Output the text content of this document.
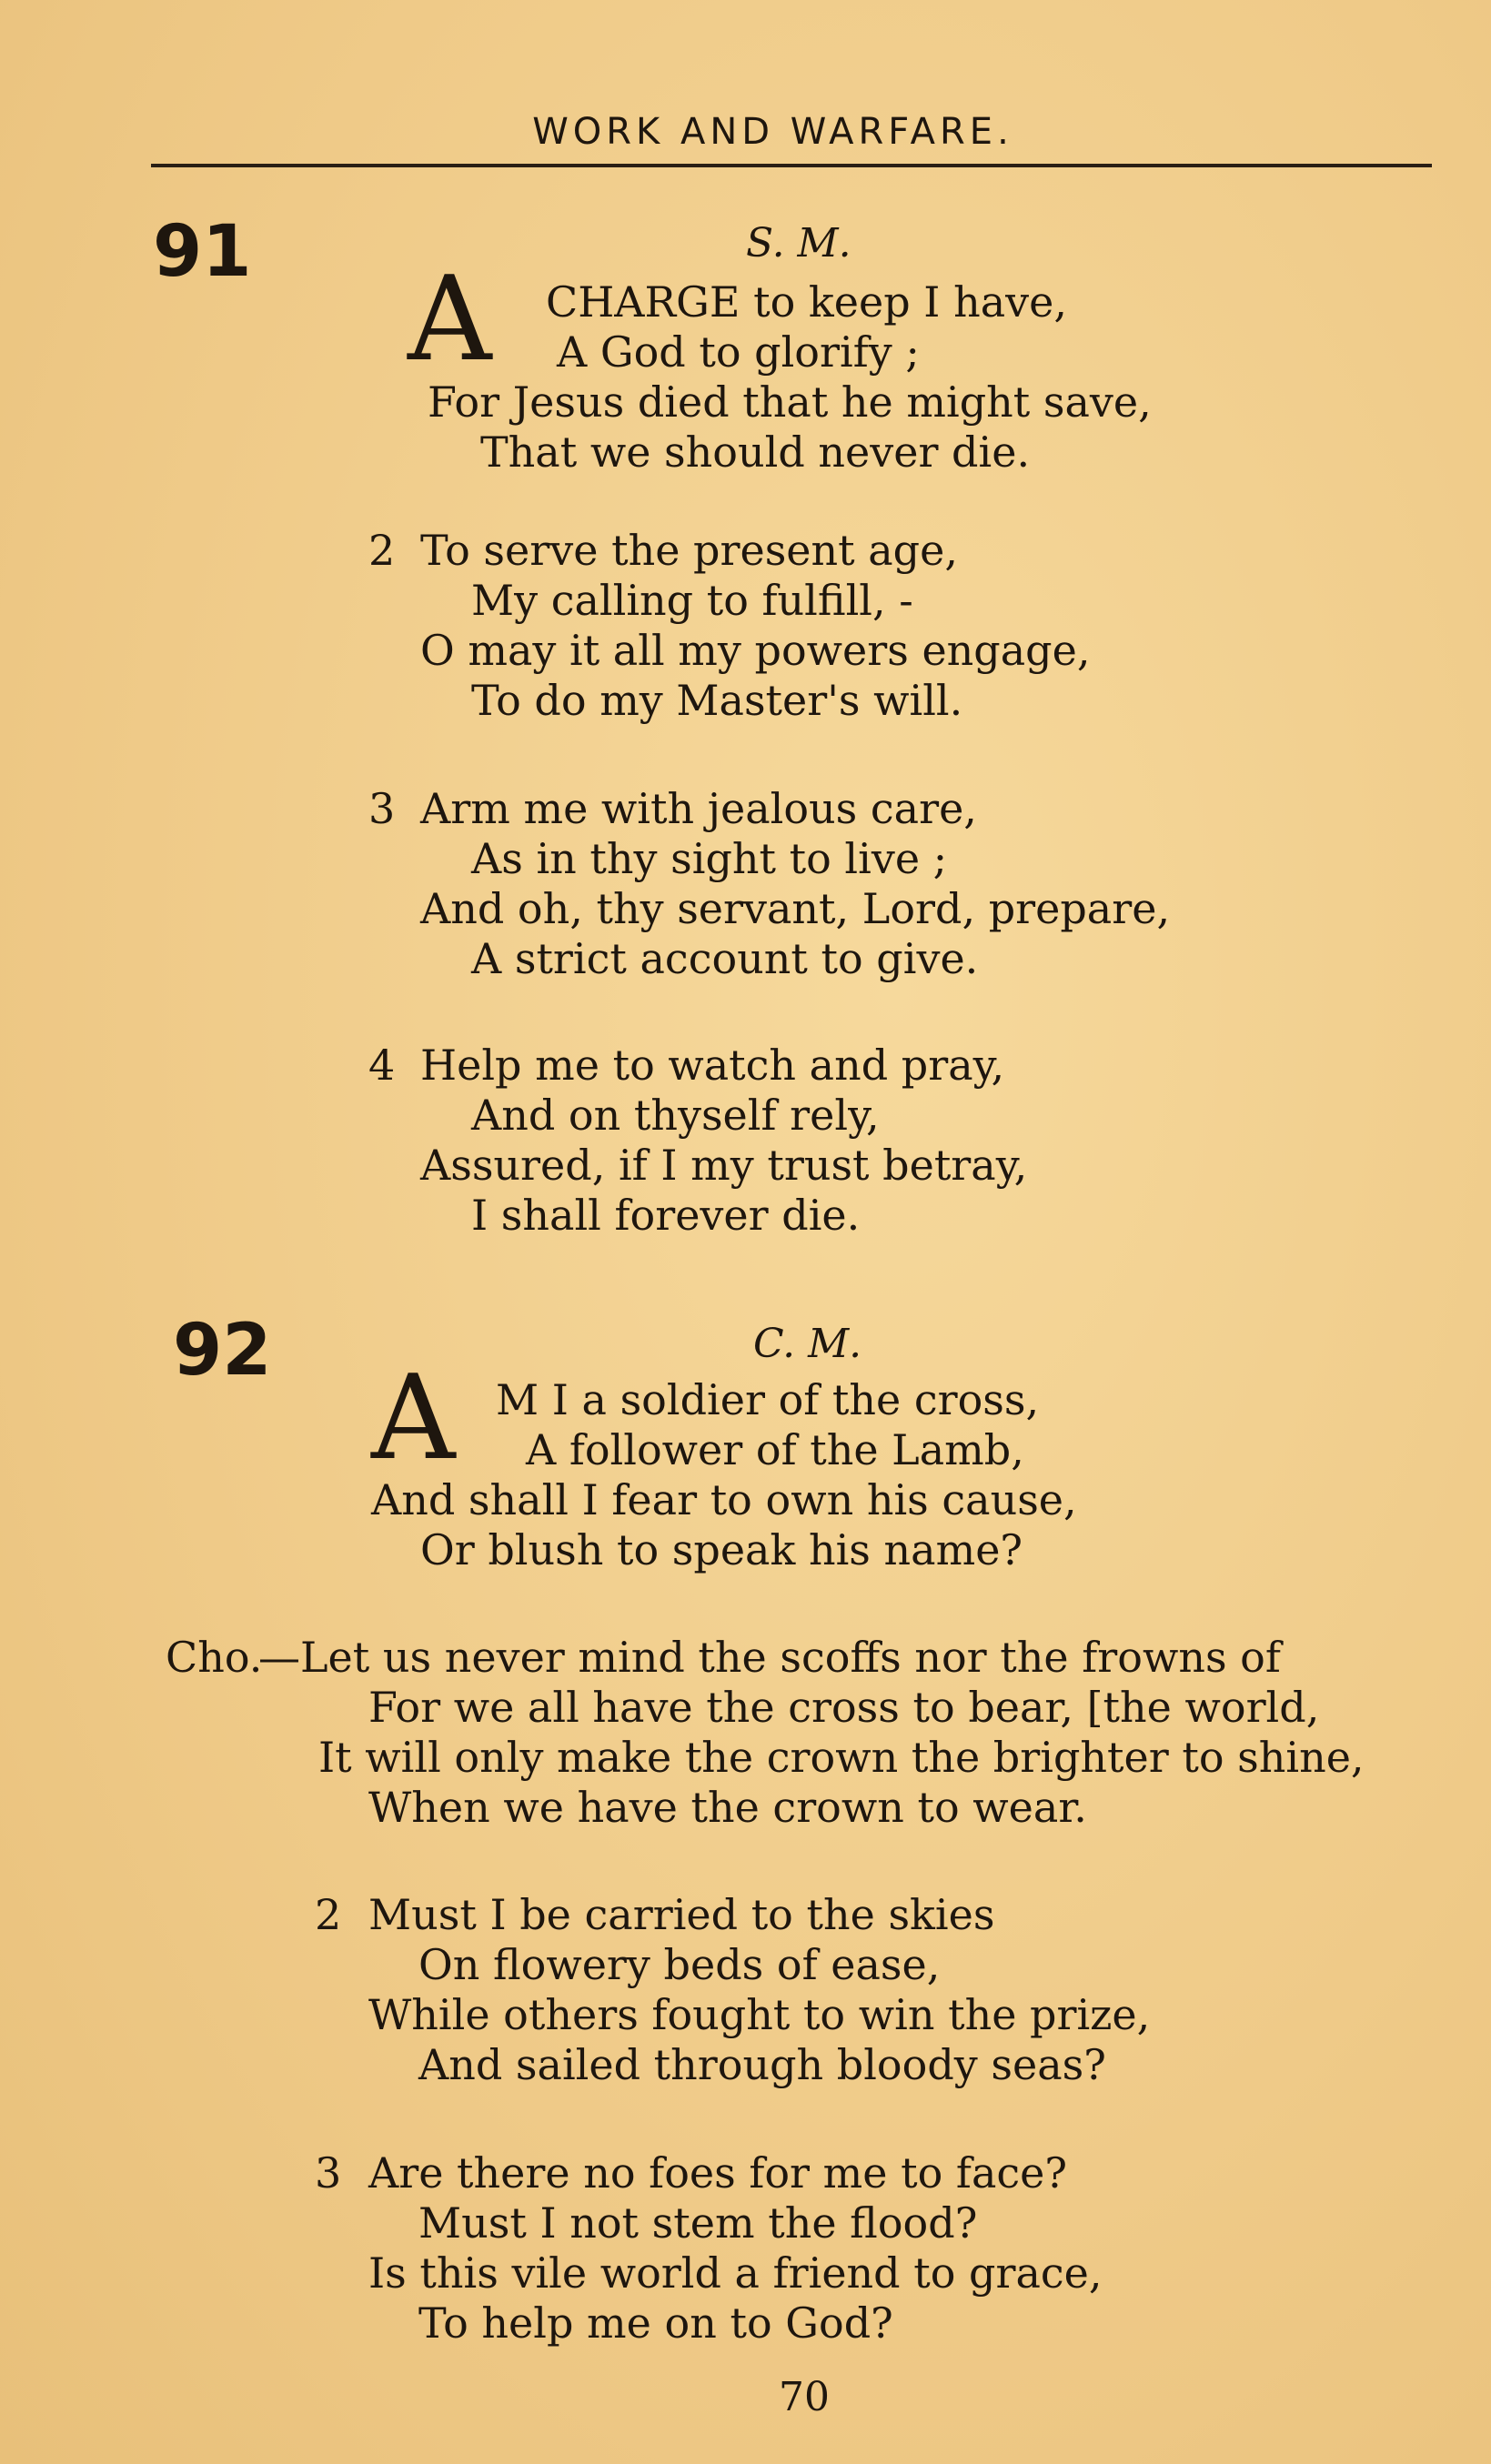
WORK AND WARFARE.
91	S. M.
A CHARGE to keep I have,
A God to glorify ;
For Jesus died that he might save,
That we should never die.
2 To serve the present age,
My calling to fulfill, -
O may it all my powers engage,
To do my Master's will.
3 Arm me with jealous care,
As in thy sight to live ;
And oh, thy servant, Lord, prepare,
A strict account to give.
4 Help me to watch and pray,
And on thyself rely,
Assured, if I my trust betray,
I shall forever die.
92	C. M.
A M I a soldier of the cross,
A follower of the Lamb,
And shall I fear to own his cause,
Or blush to speak his name?
Cho.
—Let us never mind the scoffs nor the frowns of
For we all have the cross to bear, [the world,
It will only make the crown the brighter to shine,
When we have the crown to wear.
2 Must I be carried to the skies
On flowery beds of ease,
While others fought to win the prize,
And sailed through bloody seas?
3 Are there no foes for me to face?
Must I not stem the flood?
Is this vile world a friend to grace,
To help me on to God?
70
